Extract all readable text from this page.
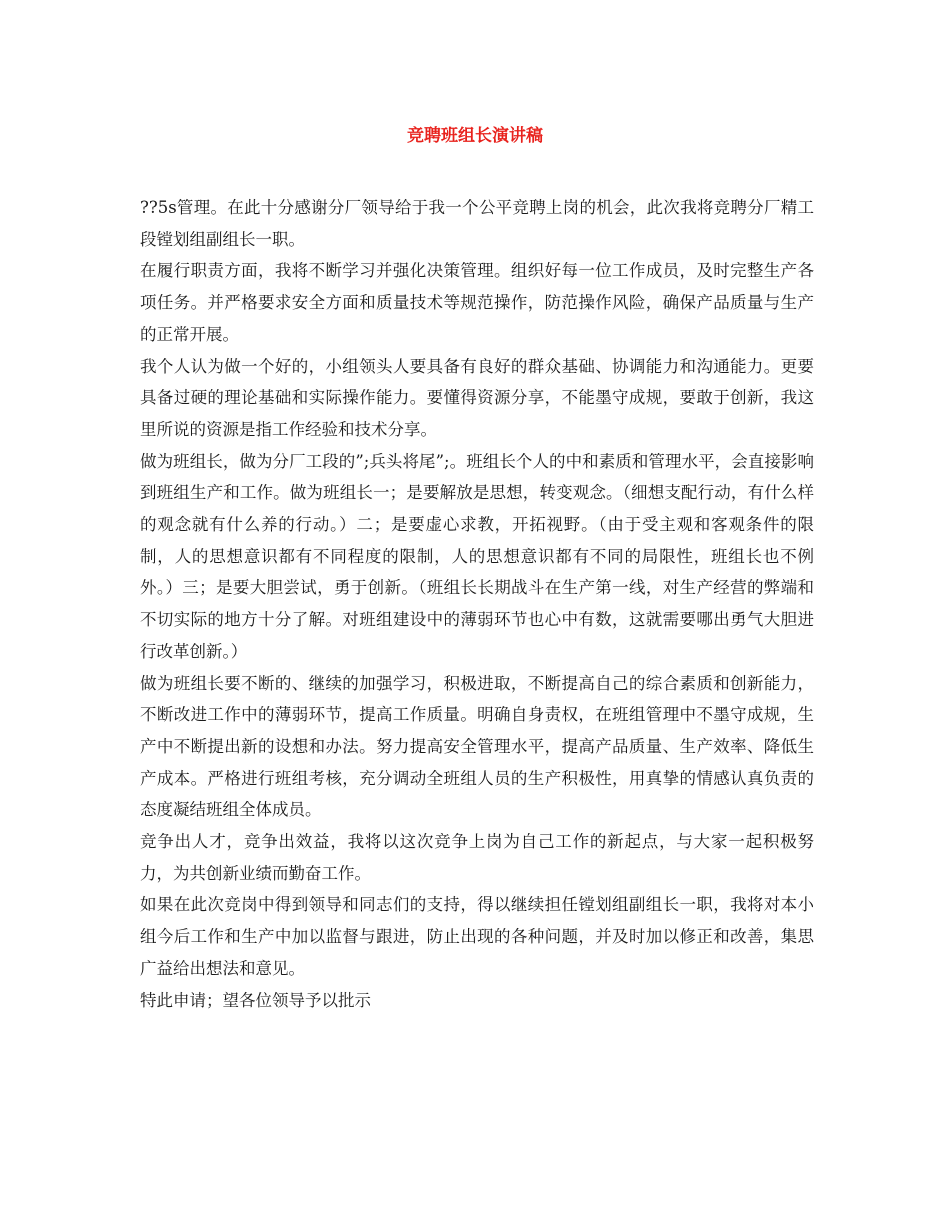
竞聘班组长演讲稿

??5s管理。在此十分感谢分厂领导给于我一个公平竞聘上岗的机会，此次我将竞聘分厂精工段镗划组副组长一职。

在履行职责方面，我将不断学习并强化决策管理。组织好每一位工作成员，及时完整生产各项任务。并严格要求安全方面和质量技术等规范操作，防范操作风险，确保产品质量与生产的正常开展。

我个人认为做一个好的，小组领头人要具备有良好的群众基础、协调能力和沟通能力。更要具备过硬的理论基础和实际操作能力。要懂得资源分享，不能墨守成规，要敢于创新，我这里所说的资源是指工作经验和技术分享。

做为班组长，做为分厂工段的”;兵头将尾”;。班组长个人的中和素质和管理水平，会直接影响到班组生产和工作。做为班组长一；是要解放是思想，转变观念。（细想支配行动，有什么样的观念就有什么养的行动。）二；是要虚心求教，开拓视野。（由于受主观和客观条件的限制，人的思想意识都有不同程度的限制，人的思想意识都有不同的局限性，班组长也不例外。）三；是要大胆尝试，勇于创新。（班组长长期战斗在生产第一线，对生产经营的弊端和不切实际的地方十分了解。对班组建设中的薄弱环节也心中有数，这就需要哪出勇气大胆进行改革创新。）

做为班组长要不断的、继续的加强学习，积极进取，不断提高自己的综合素质和创新能力，不断改进工作中的薄弱环节，提高工作质量。明确自身责权，在班组管理中不墨守成规，生产中不断提出新的设想和办法。努力提高安全管理水平，提高产品质量、生产效率、降低生产成本。严格进行班组考核，充分调动全班组人员的生产积极性，用真挚的情感认真负责的态度凝结班组全体成员。

竞争出人才，竞争出效益，我将以这次竞争上岗为自己工作的新起点，与大家一起积极努力，为共创新业绩而勤奋工作。

如果在此次竞岗中得到领导和同志们的支持，得以继续担任镗划组副组长一职，我将对本小组今后工作和生产中加以监督与跟进，防止出现的各种问题，并及时加以修正和改善，集思广益给出想法和意见。

特此申请；望各位领导予以批示
